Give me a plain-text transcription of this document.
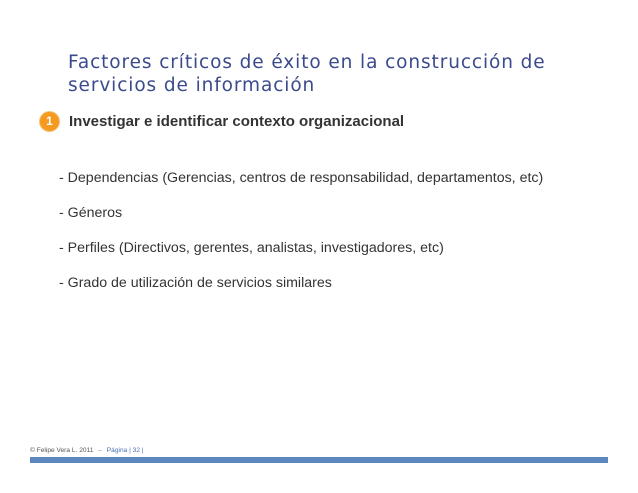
Factores críticos de éxito en la construcción de
servicios de información
1	Investigar e identificar contexto organizacional
- Dependencias (Gerencias, centros de responsabilidad, departamentos, etc)
- Géneros
- Perfiles (Directivos, gerentes, analistas, investigadores, etc)
- Grado de utilización de servicios similares
© Felipe Vera L. 2011 – Página | 32 |
